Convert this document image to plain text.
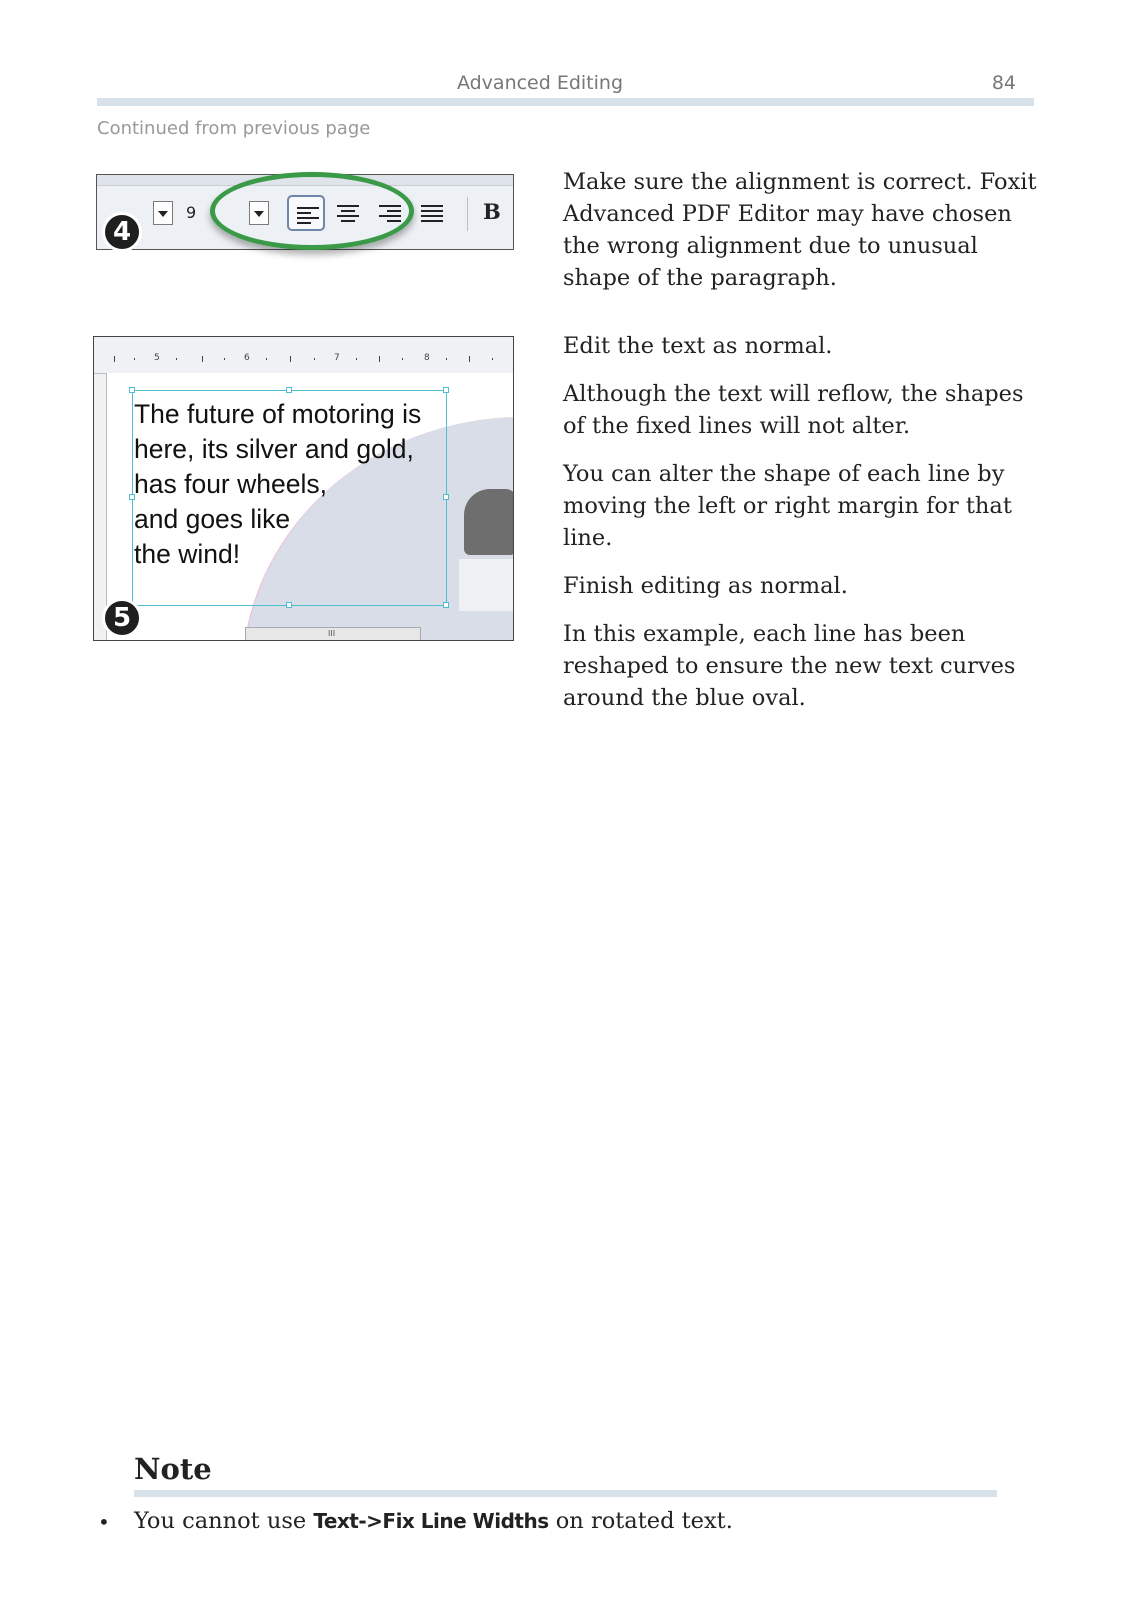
Advanced Editing	84
Continued from previous page
9	B
4
5	6	7	8
III
The future of motoring is
here, its silver and gold,
has four wheels,
and goes like
the wind!
5

Make sure the alignment is correct. Foxit Advanced PDF Editor may have chosen the wrong alignment due to unusual shape of the paragraph.

Edit the text as normal.

Although the text will reflow, the shapes of the fixed lines will not alter.

You can alter the shape of each line by moving the left or right margin for that line.

Finish editing as normal.

In this example, each line has been reshaped to ensure the new text curves around the blue oval.

Note
• You cannot use Text->Fix Line Widths on rotated text.
